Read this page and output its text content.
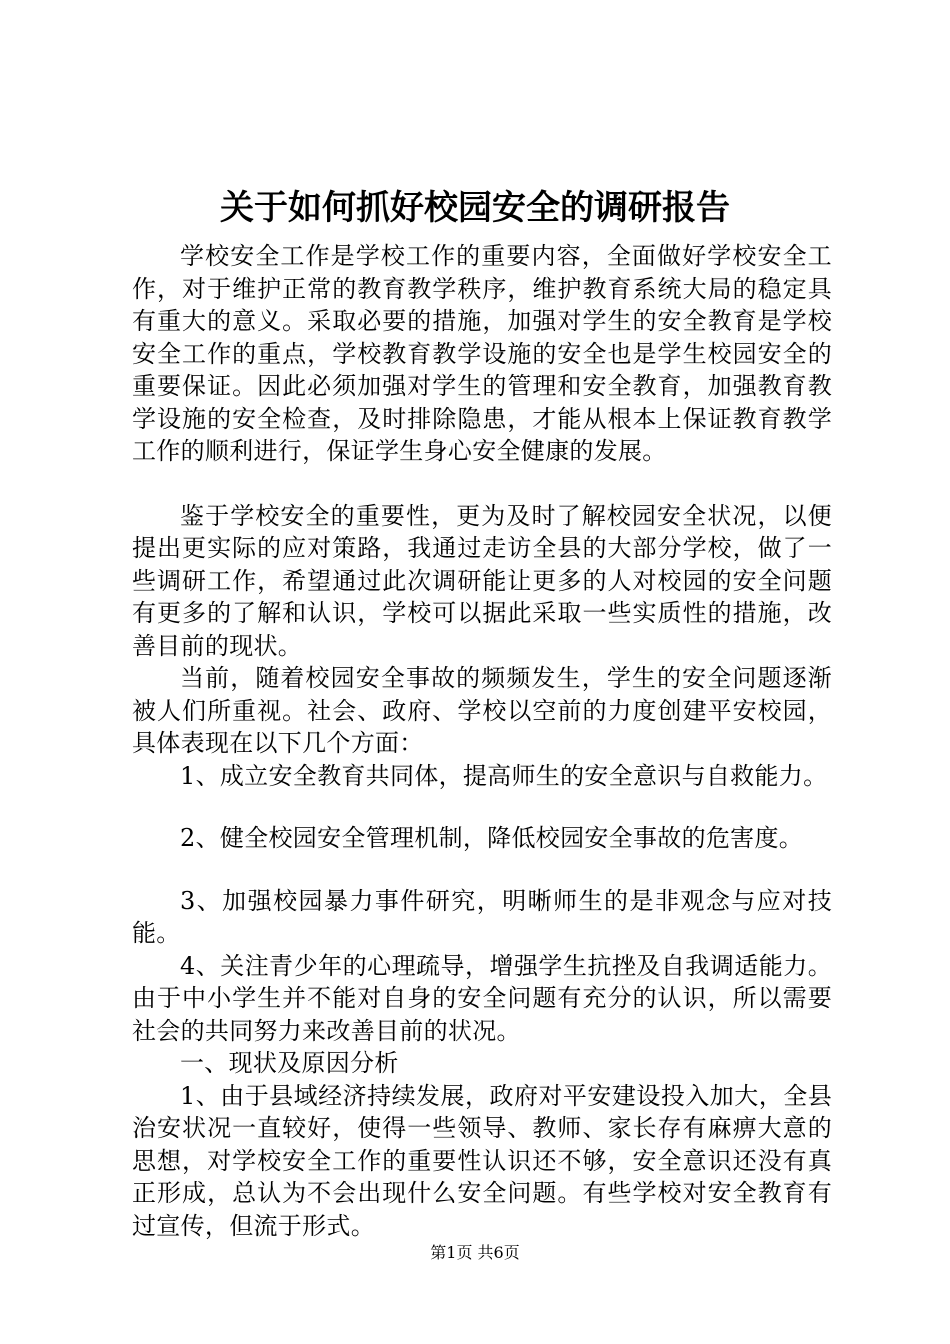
关于如何抓好校园安全的调研报告

学校安全工作是学校工作的重要内容，全面做好学校安全工作，对于维护正常的教育教学秩序，维护教育系统大局的稳定具有重大的意义。采取必要的措施，加强对学生的安全教育是学校安全工作的重点，学校教育教学设施的安全也是学生校园安全的重要保证。因此必须加强对学生的管理和安全教育，加强教育教学设施的安全检查，及时排除隐患，才能从根本上保证教育教学工作的顺利进行，保证学生身心安全健康的发展。

鉴于学校安全的重要性，更为及时了解校园安全状况，以便提出更实际的应对策路，我通过走访全县的大部分学校，做了一些调研工作，希望通过此次调研能让更多的人对校园的安全问题有更多的了解和认识，学校可以据此采取一些实质性的措施，改善目前的现状。

当前，随着校园安全事故的频频发生，学生的安全问题逐渐被人们所重视。社会、政府、学校以空前的力度创建平安校园，具体表现在以下几个方面：

1、成立安全教育共同体，提高师生的安全意识与自救能力。

2、健全校园安全管理机制，降低校园安全事故的危害度。

3、加强校园暴力事件研究，明晰师生的是非观念与应对技能。

4、关注青少年的心理疏导，增强学生抗挫及自我调适能力。由于中小学生并不能对自身的安全问题有充分的认识，所以需要社会的共同努力来改善目前的状况。

一、现状及原因分析

1、由于县域经济持续发展，政府对平安建设投入加大，全县治安状况一直较好，使得一些领导、教师、家长存有麻痹大意的思想，对学校安全工作的重要性认识还不够，安全意识还没有真正形成，总认为不会出现什么安全问题。有些学校对安全教育有过宣传，但流于形式。

第1页 共6页
